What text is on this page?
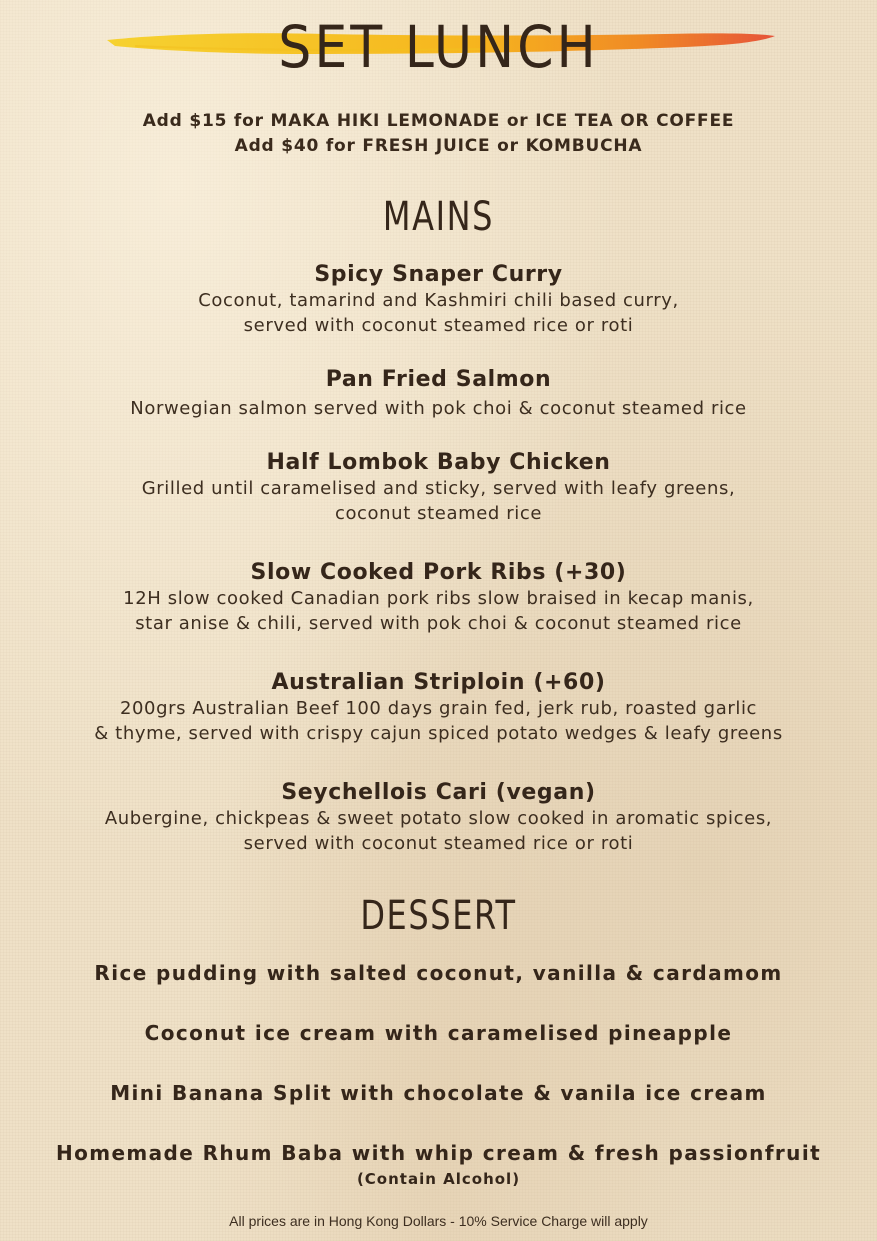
SET LUNCH
Add $15 for MAKA HIKI LEMONADE or ICE TEA OR COFFEE
Add $40 for FRESH JUICE or KOMBUCHA
MAINS
Spicy Snaper Curry
Coconut, tamarind and Kashmiri chili based curry,
served with coconut steamed rice or roti
Pan Fried Salmon
Norwegian salmon served with pok choi & coconut steamed rice
Half Lombok Baby Chicken
Grilled until caramelised and sticky, served with leafy greens,
coconut steamed rice
Slow Cooked Pork Ribs (+30)
12H slow cooked Canadian pork ribs slow braised in kecap manis,
star anise & chili, served with pok choi & coconut steamed rice
Australian Striploin (+60)
200grs Australian Beef 100 days grain fed, jerk rub, roasted garlic
& thyme, served with crispy cajun spiced potato wedges & leafy greens
Seychellois Cari (vegan)
Aubergine, chickpeas & sweet potato slow cooked in aromatic spices,
served with coconut steamed rice or roti
DESSERT
Rice pudding with salted coconut, vanilla & cardamom
Coconut ice cream with caramelised pineapple
Mini Banana Split with chocolate & vanila ice cream
Homemade Rhum Baba with whip cream & fresh passionfruit
(Contain Alcohol)
All prices are in Hong Kong Dollars - 10% Service Charge will apply
